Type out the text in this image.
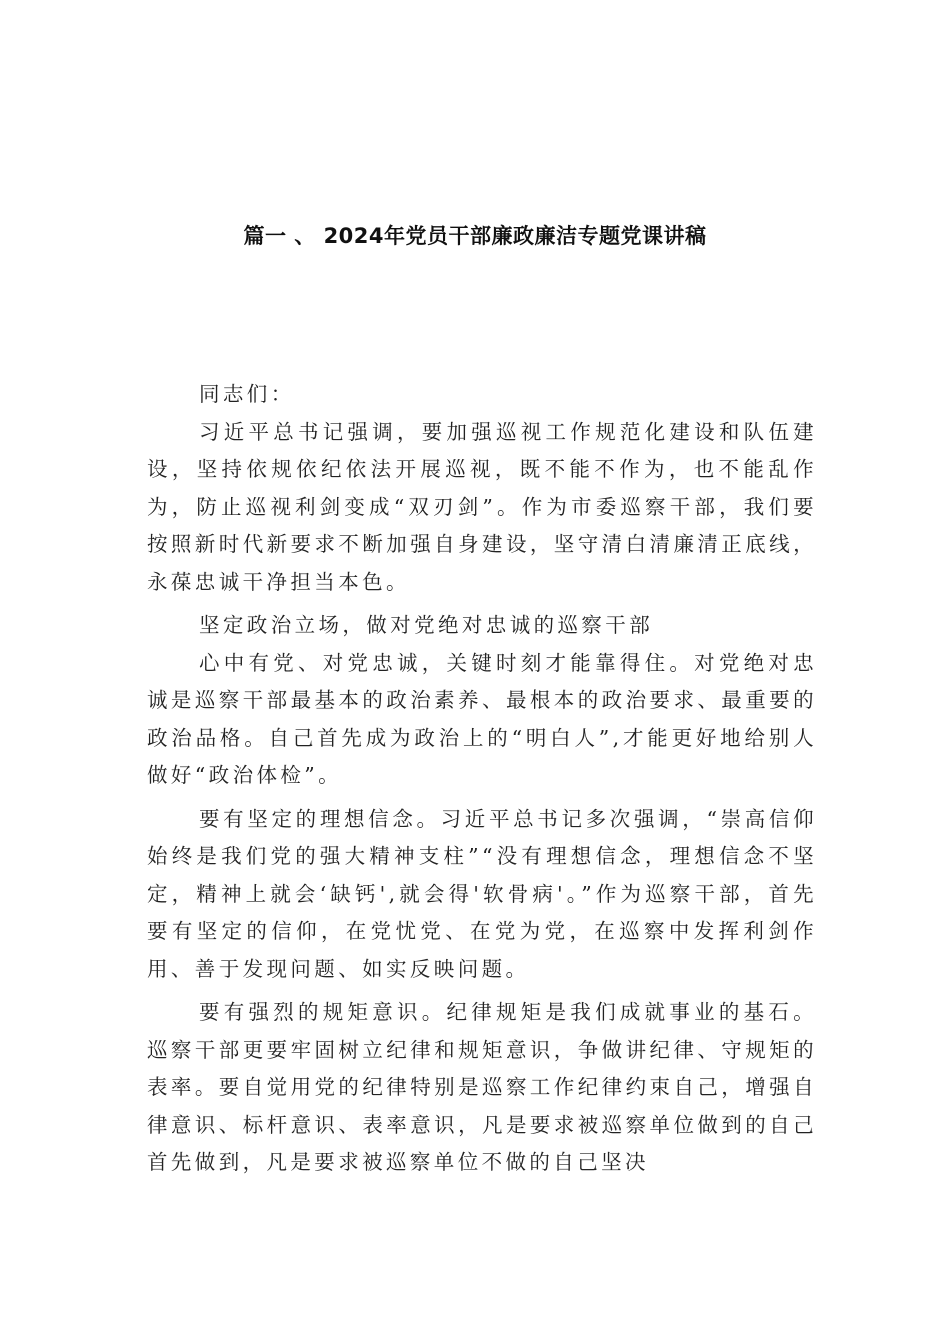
篇一 、 2024年党员干部廉政廉洁专题党课讲稿

同志们：

习近平总书记强调，要加强巡视工作规范化建设和队伍建设，坚持依规依纪依法开展巡视，既不能不作为，也不能乱作为，防止巡视利剑变成“双刃剑”。作为市委巡察干部，我们要按照新时代新要求不断加强自身建设，坚守清白清廉清正底线，永葆忠诚干净担当本色。

坚定政治立场，做对党绝对忠诚的巡察干部

心中有党、对党忠诚，关键时刻才能靠得住。对党绝对忠诚是巡察干部最基本的政治素养、最根本的政治要求、最重要的政治品格。自己首先成为政治上的“明白人”,才能更好地给别人做好“政治体检”。

要有坚定的理想信念。习近平总书记多次强调，“崇高信仰始终是我们党的强大精神支柱”“没有理想信念，理想信念不坚定，精神上就会‘缺钙',就会得'软骨病'。”作为巡察干部，首先要有坚定的信仰，在党忧党、在党为党，在巡察中发挥利剑作用、善于发现问题、如实反映问题。

要有强烈的规矩意识。纪律规矩是我们成就事业的基石。巡察干部更要牢固树立纪律和规矩意识，争做讲纪律、守规矩的表率。要自觉用党的纪律特别是巡察工作纪律约束自己，增强自律意识、标杆意识、表率意识，凡是要求被巡察单位做到的自己首先做到，凡是要求被巡察单位不做的自己坚决
